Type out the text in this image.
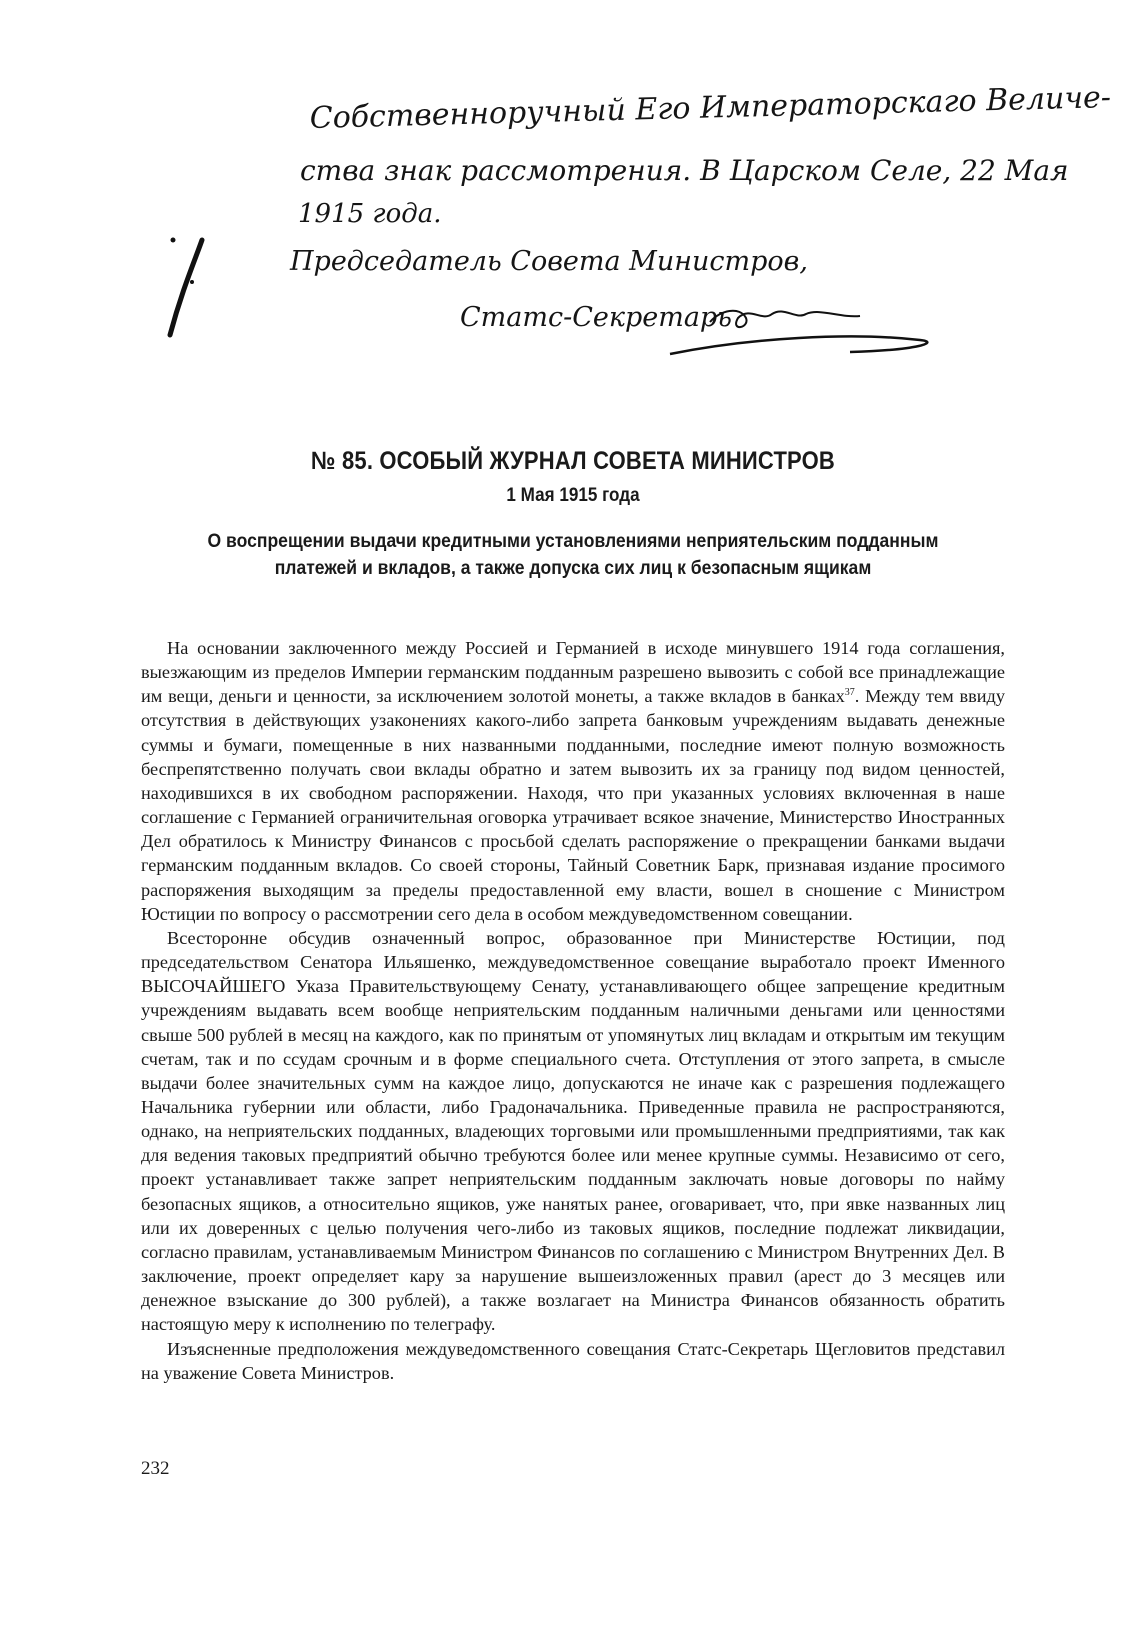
Собственноручный Его Императорскаго Величе-
ства знак рассмотрения. В Царском Селе, 22 Мая
1915 года.
Председатель Совета Министров,
Статс-Секретарь
№ 85. ОСОБЫЙ ЖУРНАЛ СОВЕТА МИНИСТРОВ
1 Мая 1915 года
О воспрещении выдачи кредитными установлениями неприятельским подданным платежей и вкладов, а также допуска сих лиц к безопасным ящикам

На основании заключенного между Россией и Германией в исходе минувшего 1914 года соглашения, выезжающим из пределов Империи германским подданным разрешено вывозить с собой все принадлежащие им вещи, деньги и ценности, за исключением золотой монеты, а также вкладов в банках$^{37}$. Между тем ввиду отсутствия в действующих узаконениях какого-либо запрета банковым учреждениям выдавать денежные суммы и бумаги, помещенные в них названными подданными, последние имеют полную возможность беспрепятственно получать свои вклады обратно и затем вывозить их за границу под видом ценностей, находившихся в их свободном распоряжении. Находя, что при указанных условиях включенная в наше соглашение с Германией ограничительная оговорка утрачивает всякое значение, Министерство Иностранных Дел обратилось к Министру Финансов с просьбой сделать распоряжение о прекращении банками выдачи германским подданным вкладов. Со своей стороны, Тайный Советник Барк, признавая издание просимого распоряжения выходящим за пределы предоставленной ему власти, вошел в сношение с Министром Юстиции по вопросу о рассмотрении сего дела в особом междуведомственном совещании.

Всесторонне обсудив означенный вопрос, образованное при Министерстве Юстиции, под председательством Сенатора Ильяшенко, междуведомственное совещание выработало проект Именного ВЫСОЧАЙШЕГО Указа Правительствующему Сенату, устанавливающего общее запрещение кредитным учреждениям выдавать всем вообще неприятельским подданным наличными деньгами или ценностями свыше 500 рублей в месяц на каждого, как по принятым от упомянутых лиц вкладам и открытым им текущим счетам, так и по ссудам срочным и в форме специального счета. Отступления от этого запрета, в смысле выдачи более значительных сумм на каждое лицо, допускаются не иначе как с разрешения подлежащего Начальника губернии или области, либо Градоначальника. Приведенные правила не распространяются, однако, на неприятельских подданных, владеющих торговыми или промышленными предприятиями, так как для ведения таковых предприятий обычно требуются более или менее крупные суммы. Независимо от сего, проект устанавливает также запрет неприятельским подданным заключать новые договоры по найму безопасных ящиков, а относительно ящиков, уже нанятых ранее, оговаривает, что, при явке названных лиц или их доверенных с целью получения чего-либо из таковых ящиков, последние подлежат ликвидации, согласно правилам, устанавливаемым Министром Финансов по соглашению с Министром Внутренних Дел. В заключение, проект определяет кару за нарушение вышеизложенных правил (арест до 3 месяцев или денежное взыскание до 300 рублей), а также возлагает на Министра Финансов обязанность обратить настоящую меру к исполнению по телеграфу.

Изъясненные предположения междуведомственного совещания Статс-Секретарь Щегловитов представил на уважение Совета Министров.

232
